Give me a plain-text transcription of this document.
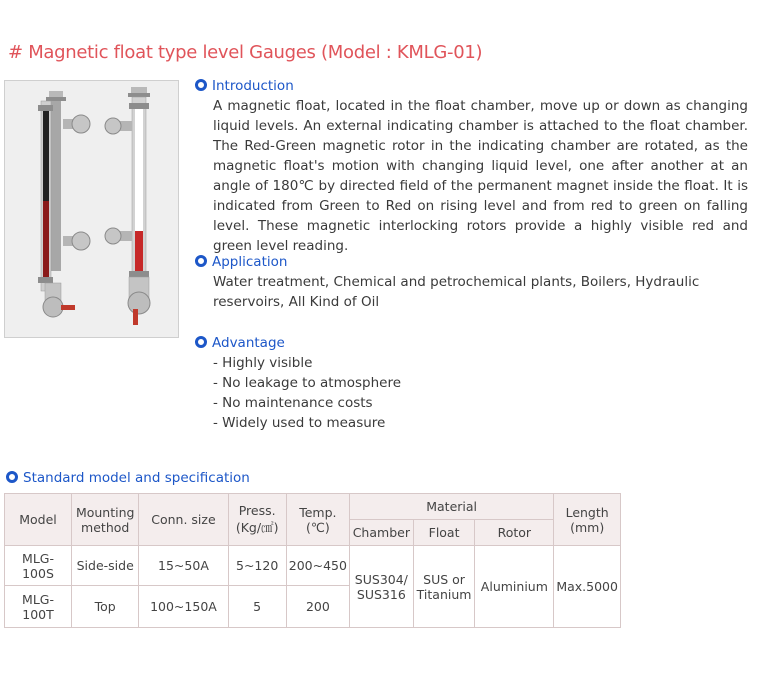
# Magnetic float type level Gauges (Model : KMLG-01)
Introduction
A magnetic float, located in the float chamber, move up or down as changing liquid levels. An external indicating chamber is attached to the float chamber. The Red-Green magnetic rotor in the indicating chamber are rotated, as the magnetic float's motion with changing liquid level, one after another at an angle of 180℃ by directed field of the permanent magnet inside the float. It is indicated from Green to Red on rising level and from red to green on falling level. These magnetic interlocking rotors provide a highly visible red and green level reading.
Application
Water treatment, Chemical and petrochemical plants, Boilers, Hydraulic reservoirs, All Kind of Oil
Advantage
- Highly visible
- No leakage to atmosphere
- No maintenance costs
- Widely used to measure
Standard model and specification
Model	Mounting method	Conn. size	Press. (Kg/㎠)	Temp. (℃)	Material			Length (mm)
					Chamber	Float	Rotor	
MLG-100S	Side-side	15~50A	5~120	200~450	SUS304/ SUS316	SUS or Titanium	Aluminium	Max.5000
MLG-100T	Top	100~150A	5	200				
